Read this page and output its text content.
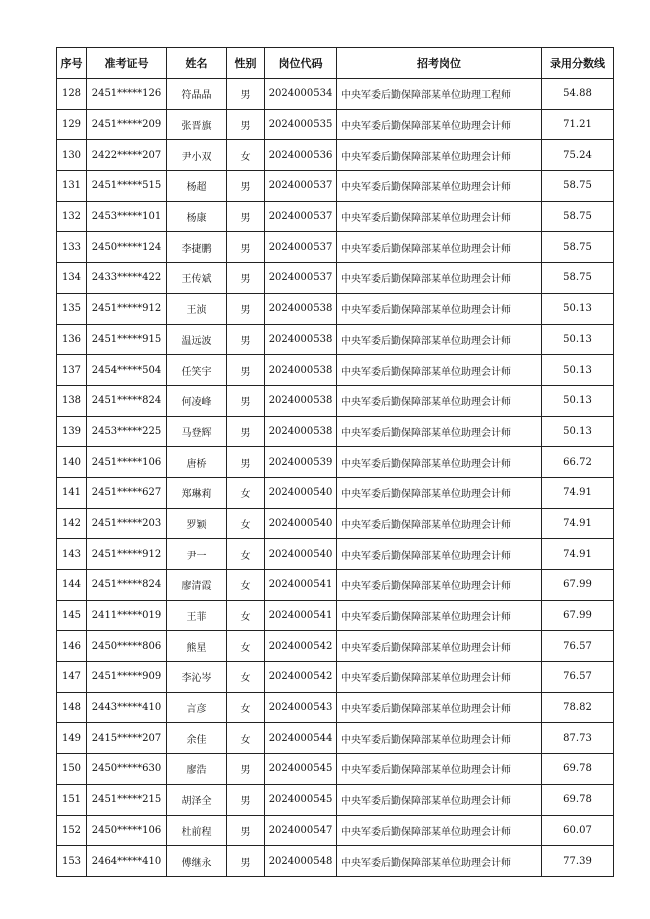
序号	准考证号	姓名	性别	岗位代码	招考岗位	录用分数线
128	2451*****126	符晶晶	男	2024000534	中央军委后勤保障部某单位助理工程师	54.88
129	2451*****209	张晋旗	男	2024000535	中央军委后勤保障部某单位助理会计师	71.21
130	2422*****207	尹小双	女	2024000536	中央军委后勤保障部某单位助理会计师	75.24
131	2451*****515	杨超	男	2024000537	中央军委后勤保障部某单位助理会计师	58.75
132	2453*****101	杨康	男	2024000537	中央军委后勤保障部某单位助理会计师	58.75
133	2450*****124	李捷鹏	男	2024000537	中央军委后勤保障部某单位助理会计师	58.75
134	2433*****422	王传斌	男	2024000537	中央军委后勤保障部某单位助理会计师	58.75
135	2451*****912	王浈	男	2024000538	中央军委后勤保障部某单位助理会计师	50.13
136	2451*****915	温远波	男	2024000538	中央军委后勤保障部某单位助理会计师	50.13
137	2454*****504	任笑宇	男	2024000538	中央军委后勤保障部某单位助理会计师	50.13
138	2451*****824	何凌峰	男	2024000538	中央军委后勤保障部某单位助理会计师	50.13
139	2453*****225	马登辉	男	2024000538	中央军委后勤保障部某单位助理会计师	50.13
140	2451*****106	唐桥	男	2024000539	中央军委后勤保障部某单位助理会计师	66.72
141	2451*****627	郑琳莉	女	2024000540	中央军委后勤保障部某单位助理会计师	74.91
142	2451*****203	罗颖	女	2024000540	中央军委后勤保障部某单位助理会计师	74.91
143	2451*****912	尹一	女	2024000540	中央军委后勤保障部某单位助理会计师	74.91
144	2451*****824	廖清霞	女	2024000541	中央军委后勤保障部某单位助理会计师	67.99
145	2411*****019	王菲	女	2024000541	中央军委后勤保障部某单位助理会计师	67.99
146	2450*****806	熊星	女	2024000542	中央军委后勤保障部某单位助理会计师	76.57
147	2451*****909	李沁岑	女	2024000542	中央军委后勤保障部某单位助理会计师	76.57
148	2443*****410	言彦	女	2024000543	中央军委后勤保障部某单位助理会计师	78.82
149	2415*****207	余佳	女	2024000544	中央军委后勤保障部某单位助理会计师	87.73
150	2450*****630	廖浩	男	2024000545	中央军委后勤保障部某单位助理会计师	69.78
151	2451*****215	胡泽全	男	2024000545	中央军委后勤保障部某单位助理会计师	69.78
152	2450*****106	杜前程	男	2024000547	中央军委后勤保障部某单位助理会计师	60.07
153	2464*****410	傅继永	男	2024000548	中央军委后勤保障部某单位助理会计师	77.39
